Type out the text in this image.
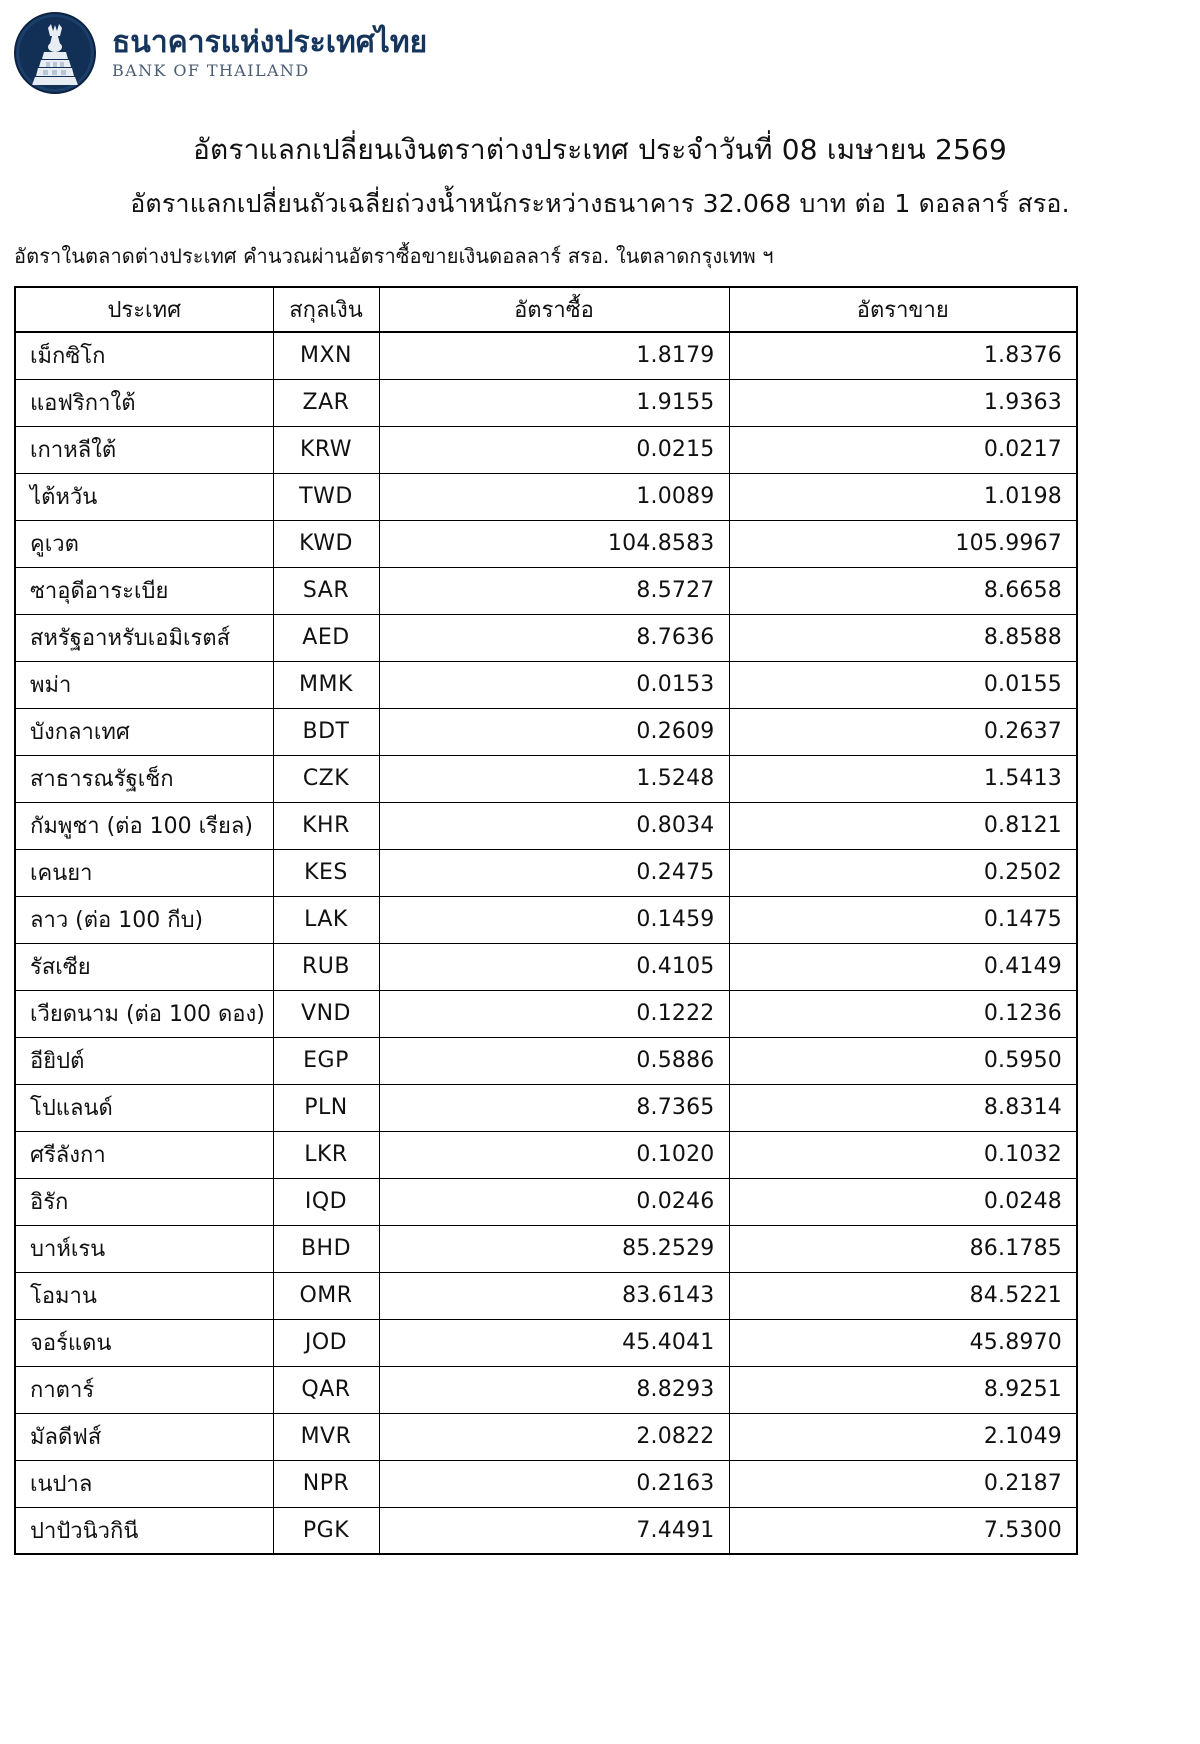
ธนาคารแห่งประเทศไทย
BANK OF THAILAND
อัตราแลกเปลี่ยนเงินตราต่างประเทศ ประจำวันที่ 08 เมษายน 2569
อัตราแลกเปลี่ยนถัวเฉลี่ยถ่วงน้ำหนักระหว่างธนาคาร 32.068 บาท ต่อ 1 ดอลลาร์ สรอ.
อัตราในตลาดต่างประเทศ คำนวณผ่านอัตราซื้อขายเงินดอลลาร์ สรอ. ในตลาดกรุงเทพ ฯ
ประเทศ	สกุลเงิน	อัตราซื้อ	อัตราขาย
เม็กซิโก	MXN	1.8179	1.8376
แอฟริกาใต้	ZAR	1.9155	1.9363
เกาหลีใต้	KRW	0.0215	0.0217
ไต้หวัน	TWD	1.0089	1.0198
คูเวต	KWD	104.8583	105.9967
ซาอุดีอาระเบีย	SAR	8.5727	8.6658
สหรัฐอาหรับเอมิเรตส์	AED	8.7636	8.8588
พม่า	MMK	0.0153	0.0155
บังกลาเทศ	BDT	0.2609	0.2637
สาธารณรัฐเช็ก	CZK	1.5248	1.5413
กัมพูชา (ต่อ 100 เรียล)	KHR	0.8034	0.8121
เคนยา	KES	0.2475	0.2502
ลาว (ต่อ 100 กีบ)	LAK	0.1459	0.1475
รัสเซีย	RUB	0.4105	0.4149
เวียดนาม (ต่อ 100 ดอง)	VND	0.1222	0.1236
อียิปต์	EGP	0.5886	0.5950
โปแลนด์	PLN	8.7365	8.8314
ศรีลังกา	LKR	0.1020	0.1032
อิรัก	IQD	0.0246	0.0248
บาห์เรน	BHD	85.2529	86.1785
โอมาน	OMR	83.6143	84.5221
จอร์แดน	JOD	45.4041	45.8970
กาตาร์	QAR	8.8293	8.9251
มัลดีฟส์	MVR	2.0822	2.1049
เนปาล	NPR	0.2163	0.2187
ปาปัวนิวกินี	PGK	7.4491	7.5300
